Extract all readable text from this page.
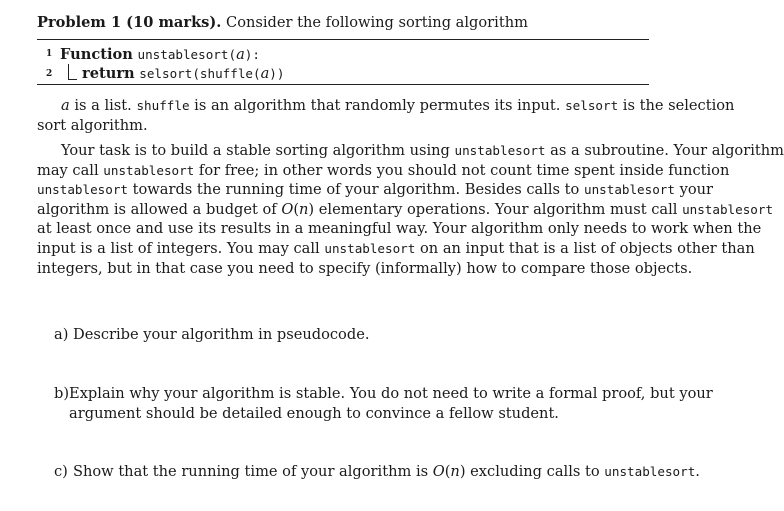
Problem 1 (10 marks). Consider the following sorting algorithm
1 Function unstablesort(a):
2 return selsort(shuffle(a))
a is a list. shuffle is an algorithm that randomly permutes its input. selsort is the selection
sort algorithm.
Your task is to build a stable sorting algorithm using unstablesort as a subroutine. Your algorithm
may call unstablesort for free; in other words you should not count time spent inside function
unstablesort towards the running time of your algorithm. Besides calls to unstablesort your
algorithm is allowed a budget of O(n) elementary operations. Your algorithm must call unstablesort
at least once and use its results in a meaningful way. Your algorithm only needs to work when the
input is a list of integers. You may call unstablesort on an input that is a list of objects other than
integers, but in that case you need to specify (informally) how to compare those objects.
a) Describe your algorithm in pseudocode.
b) Explain why your algorithm is stable. You do not need to write a formal proof, but your
argument should be detailed enough to convince a fellow student.
c) Show that the running time of your algorithm is O(n) excluding calls to unstablesort.
